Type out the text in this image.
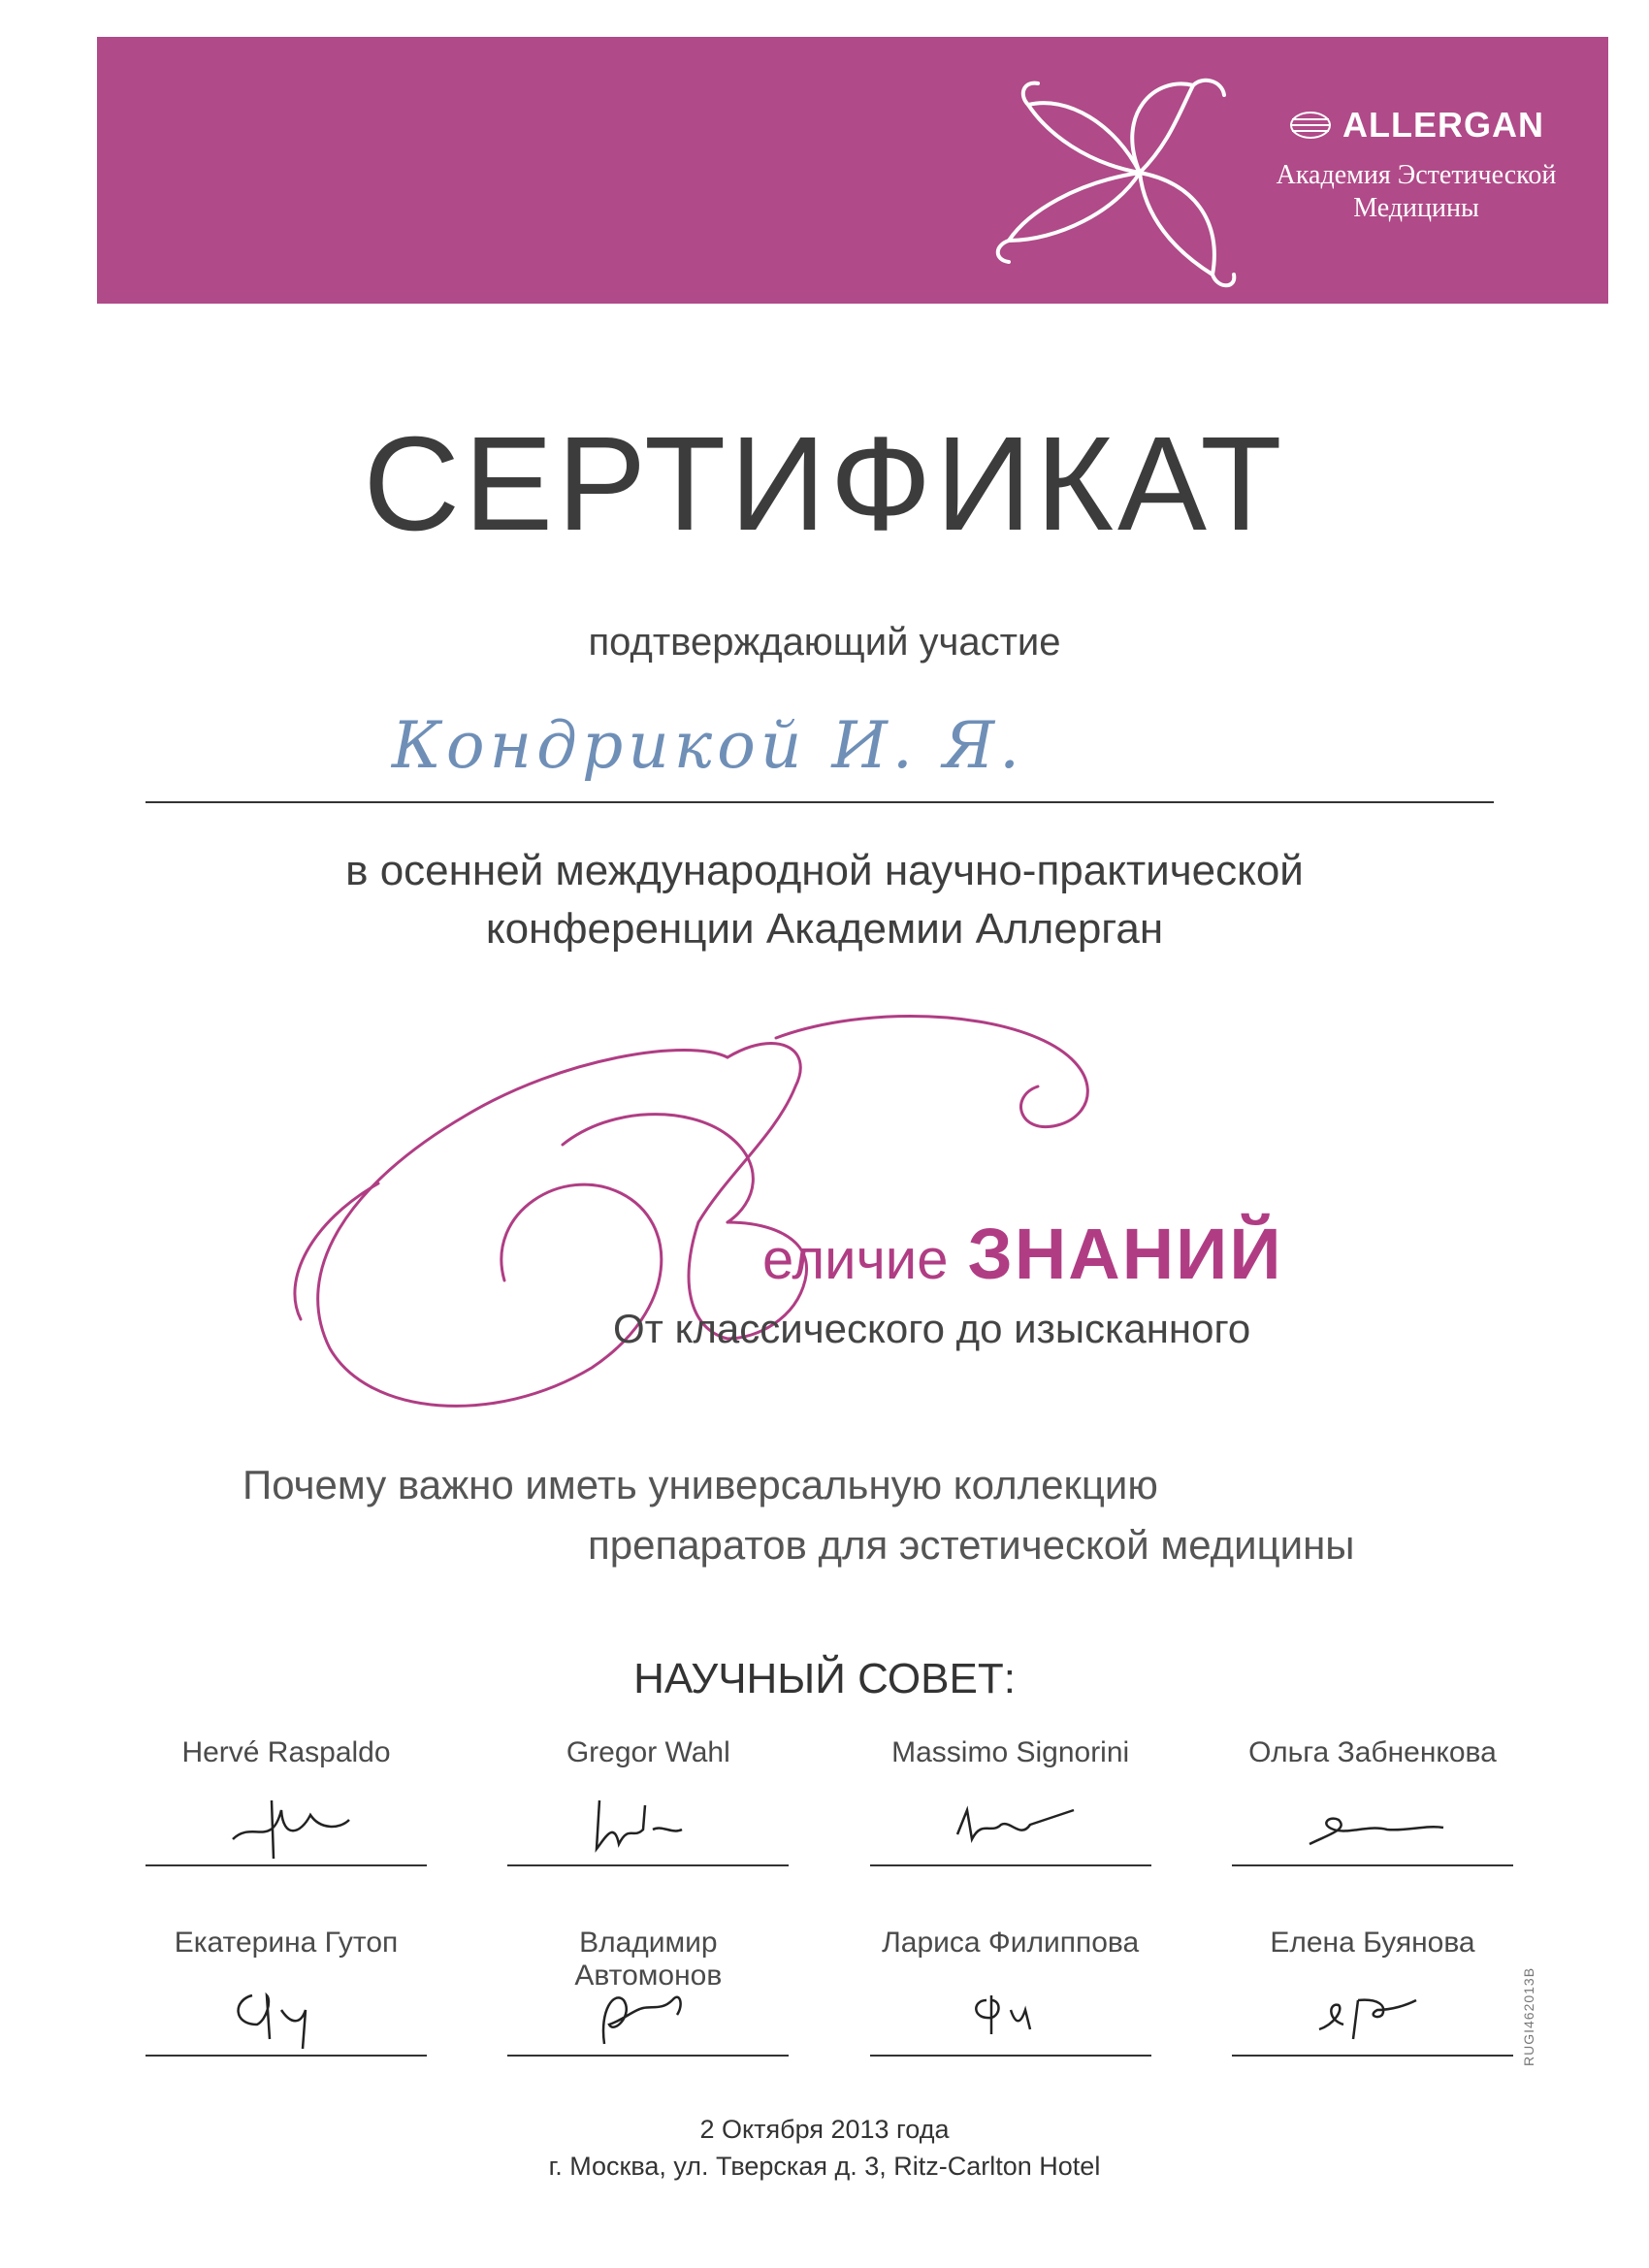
ALLERGAN
Академия Эстетической
Медицины
СЕРТИФИКАТ
подтверждающий участие
Кондрикой И. Я.
в осенней международной научно-практической
конференции Академии Аллерган
еличие ЗНАНИЙ
От классического до изысканного
Почему важно иметь универсальную коллекцию
препаратов для эстетической медицины
НАУЧНЫЙ СОВЕТ:
Hervé Raspaldo	Gregor Wahl	Massimo Signorini	Ольга Забненкова
Екатерина Гутоп	Владимир Автомонов
Лариса Филиппова	Елена Буянова
2 Октября 2013 года
г. Москва, ул. Тверская д. 3, Ritz-Carlton Hotel
RUGI462013B
